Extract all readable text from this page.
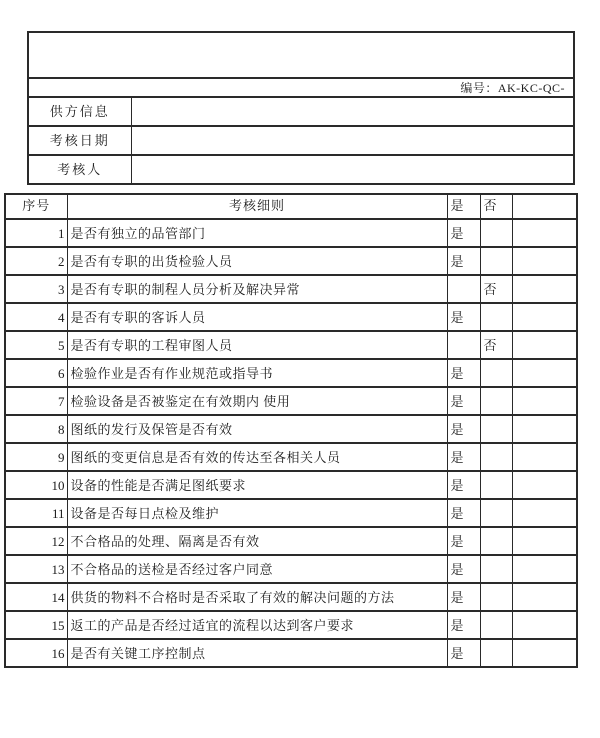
编号：AK-KC-QC-	
供方信息	
考核日期	
考核人	
序号	考核细则	是	否	
1	是否有独立的品管部门	是		
2	是否有专职的出货检验人员	是		
3	是否有专职的制程人员分析及解决异常		否	
4	是否有专职的客诉人员	是		
5	是否有专职的工程审图人员		否	
6	检验作业是否有作业规范或指导书	是		
7	检验设备是否被鉴定在有效期内 使用	是		
8	图纸的发行及保管是否有效	是		
9	图纸的变更信息是否有效的传达至各相关人员	是		
10	设备的性能是否满足图纸要求	是		
11	设备是否每日点检及维护	是		
12	不合格品的处理、隔离是否有效	是		
13	不合格品的送检是否经过客户同意	是		
14	供货的物料不合格时是否采取了有效的解决问题的方法	是		
15	返工的产品是否经过适宜的流程以达到客户要求	是		
16	是否有关键工序控制点	是		
